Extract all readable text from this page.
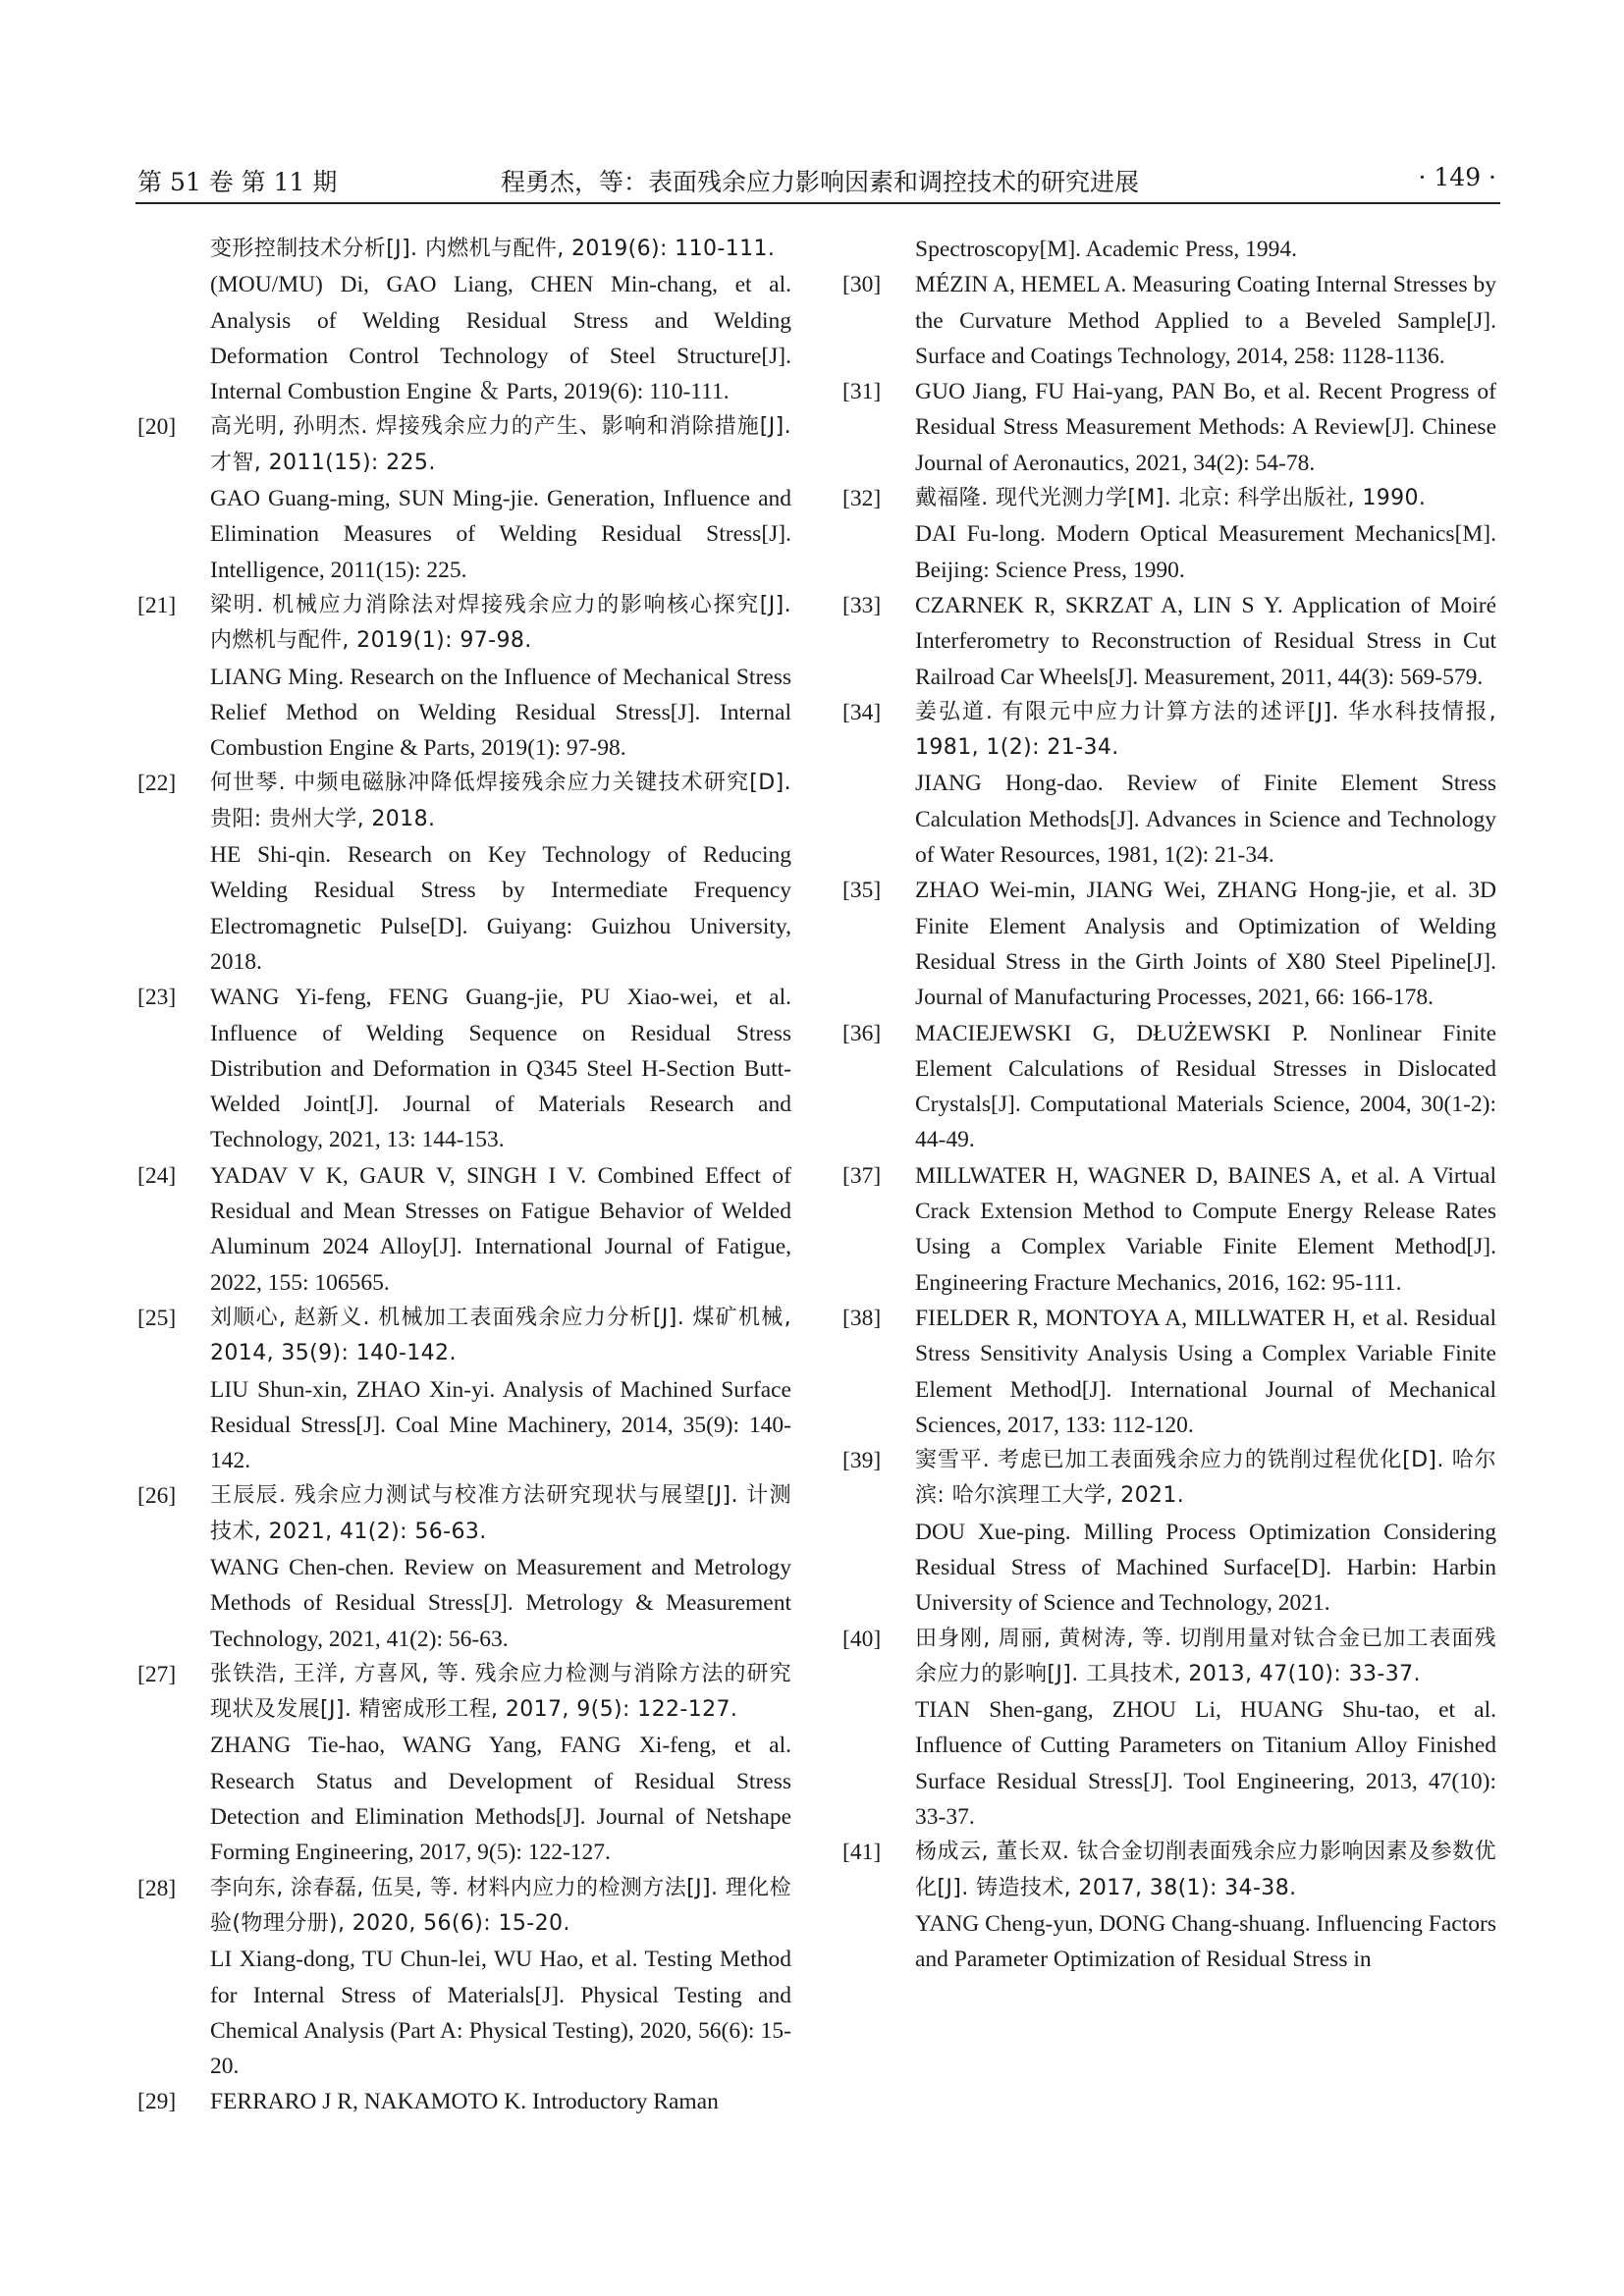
第 51 卷 第 11 期	程勇杰，等：表面残余应力影响因素和调控技术的研究进展	· 149 ·

变形控制技术分析[J]. 内燃机与配件, 2019(6): 110-111.

(MOU/MU) Di, GAO Liang, CHEN Min-chang, et al. Analysis of Welding Residual Stress and Welding Deformation Control Technology of Steel Structure[J]. Internal Combustion Engine ＆ Parts, 2019(6): 110-111.

[20]	高光明, 孙明杰. 焊接残余应力的产生、影响和消除措施[J]. 才智, 2011(15): 225.

GAO Guang-ming, SUN Ming-jie. Generation, Influence and Elimination Measures of Welding Residual Stress[J]. Intelligence, 2011(15): 225.

[21]	梁明. 机械应力消除法对焊接残余应力的影响核心探究[J]. 内燃机与配件, 2019(1): 97-98.

LIANG Ming. Research on the Influence of Mechanical Stress Relief Method on Welding Residual Stress[J]. Internal Combustion Engine & Parts, 2019(1): 97-98.

[22]	何世琴. 中频电磁脉冲降低焊接残余应力关键技术研究[D]. 贵阳: 贵州大学, 2018.

HE Shi-qin. Research on Key Technology of Reducing Welding Residual Stress by Intermediate Frequency Electromagnetic Pulse[D]. Guiyang: Guizhou University, 2018.

[23]	WANG Yi-feng, FENG Guang-jie, PU Xiao-wei, et al. Influence of Welding Sequence on Residual Stress Distribution and Deformation in Q345 Steel H-Section Butt-Welded Joint[J]. Journal of Materials Research and Technology, 2021, 13: 144-153.

[24]	YADAV V K, GAUR V, SINGH I V. Combined Effect of Residual and Mean Stresses on Fatigue Behavior of Welded Aluminum 2024 Alloy[J]. International Journal of Fatigue, 2022, 155: 106565.

[25]	刘顺心, 赵新义. 机械加工表面残余应力分析[J]. 煤矿机械, 2014, 35(9): 140-142.

LIU Shun-xin, ZHAO Xin-yi. Analysis of Machined Surface Residual Stress[J]. Coal Mine Machinery, 2014, 35(9): 140-142.

[26]	王辰辰. 残余应力测试与校准方法研究现状与展望[J]. 计测技术, 2021, 41(2): 56-63.

WANG Chen-chen. Review on Measurement and Metrology Methods of Residual Stress[J]. Metrology & Measurement Technology, 2021, 41(2): 56-63.

[27]	张铁浩, 王洋, 方喜风, 等. 残余应力检测与消除方法的研究现状及发展[J]. 精密成形工程, 2017, 9(5): 122-127.

ZHANG Tie-hao, WANG Yang, FANG Xi-feng, et al. Research Status and Development of Residual Stress Detection and Elimination Methods[J]. Journal of Netshape Forming Engineering, 2017, 9(5): 122-127.

[28]	李向东, 涂春磊, 伍昊, 等. 材料内应力的检测方法[J]. 理化检验(物理分册), 2020, 56(6): 15-20.

LI Xiang-dong, TU Chun-lei, WU Hao, et al. Testing Method for Internal Stress of Materials[J]. Physical Testing and Chemical Analysis (Part A: Physical Testing), 2020, 56(6): 15-20.

[29]	FERRARO J R, NAKAMOTO K. Introductory Raman

Spectroscopy[M]. Academic Press, 1994.

[30]	MÉZIN A, HEMEL A. Measuring Coating Internal Stresses by the Curvature Method Applied to a Beveled Sample[J]. Surface and Coatings Technology, 2014, 258: 1128-1136.

[31]	GUO Jiang, FU Hai-yang, PAN Bo, et al. Recent Progress of Residual Stress Measurement Methods: A Review[J]. Chinese Journal of Aeronautics, 2021, 34(2): 54-78.

[32]	戴福隆. 现代光测力学[M]. 北京: 科学出版社, 1990.

DAI Fu-long. Modern Optical Measurement Mechanics[M]. Beijing: Science Press, 1990.

[33]	CZARNEK R, SKRZAT A, LIN S Y. Application of Moiré Interferometry to Reconstruction of Residual Stress in Cut Railroad Car Wheels[J]. Measurement, 2011, 44(3): 569-579.

[34]	姜弘道. 有限元中应力计算方法的述评[J]. 华水科技情报, 1981, 1(2): 21-34.

JIANG Hong-dao. Review of Finite Element Stress Calculation Methods[J]. Advances in Science and Technology of Water Resources, 1981, 1(2): 21-34.

[35]	ZHAO Wei-min, JIANG Wei, ZHANG Hong-jie, et al. 3D Finite Element Analysis and Optimization of Welding Residual Stress in the Girth Joints of X80 Steel Pipeline[J]. Journal of Manufacturing Processes, 2021, 66: 166-178.

[36]	MACIEJEWSKI G, DŁUŻEWSKI P. Nonlinear Finite Element Calculations of Residual Stresses in Dislocated Crystals[J]. Computational Materials Science, 2004, 30(1-2): 44-49.

[37]	MILLWATER H, WAGNER D, BAINES A, et al. A Virtual Crack Extension Method to Compute Energy Release Rates Using a Complex Variable Finite Element Method[J]. Engineering Fracture Mechanics, 2016, 162: 95-111.

[38]	FIELDER R, MONTOYA A, MILLWATER H, et al. Residual Stress Sensitivity Analysis Using a Complex Variable Finite Element Method[J]. International Journal of Mechanical Sciences, 2017, 133: 112-120.

[39]	窦雪平. 考虑已加工表面残余应力的铣削过程优化[D]. 哈尔滨: 哈尔滨理工大学, 2021.

DOU Xue-ping. Milling Process Optimization Considering Residual Stress of Machined Surface[D]. Harbin: Harbin University of Science and Technology, 2021.

[40]	田身刚, 周丽, 黄树涛, 等. 切削用量对钛合金已加工表面残余应力的影响[J]. 工具技术, 2013, 47(10): 33-37.

TIAN Shen-gang, ZHOU Li, HUANG Shu-tao, et al. Influence of Cutting Parameters on Titanium Alloy Finished Surface Residual Stress[J]. Tool Engineering, 2013, 47(10): 33-37.

[41]	杨成云, 董长双. 钛合金切削表面残余应力影响因素及参数优化[J]. 铸造技术, 2017, 38(1): 34-38.

YANG Cheng-yun, DONG Chang-shuang. Influencing Factors and Parameter Optimization of Residual Stress in
